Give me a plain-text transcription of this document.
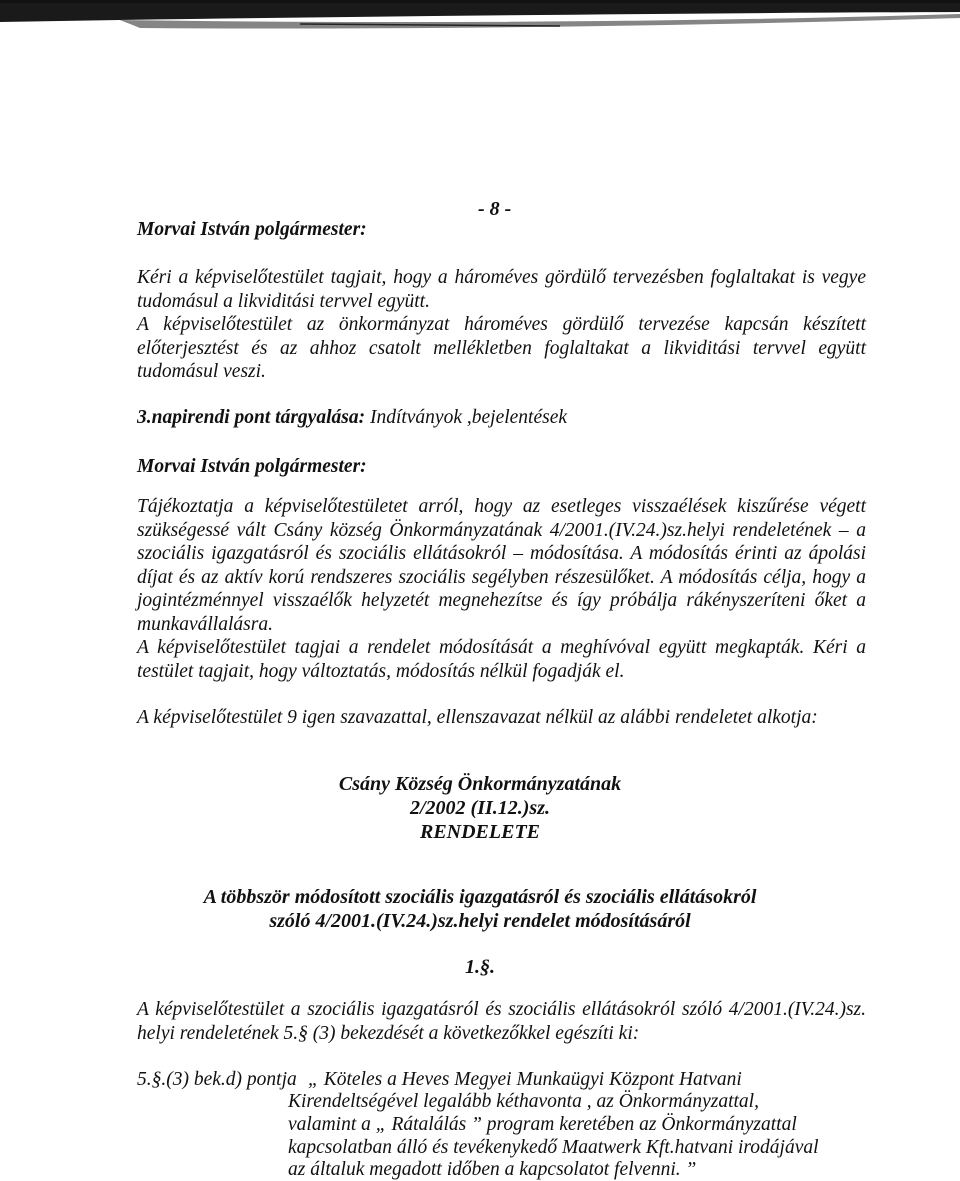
- 8 -
Morvai István polgármester:
Kéri a képviselőtestület tagjait, hogy a hároméves gördülő tervezésben foglaltakat is vegye tudomásul a likviditási tervvel együtt.
A képviselőtestület az önkormányzat hároméves gördülő tervezése kapcsán készített előterjesztést és az ahhoz csatolt mellékletben foglaltakat a likviditási tervvel együtt tudomásul veszi.
3.napirendi pont tárgyalása: Indítványok ,bejelentések
Morvai István polgármester:
Tájékoztatja a képviselőtestületet arról, hogy az esetleges visszaélések kiszűrése végett szükségessé vált Csány község Önkormányzatának 4/2001.(IV.24.)sz.helyi rendeletének – a szociális igazgatásról és szociális ellátásokról – módosítása. A módosítás érinti az ápolási díjat és az aktív korú rendszeres szociális segélyben részesülőket. A módosítás célja, hogy a jogintézménnyel visszaélők helyzetét megnehezítse és így próbálja rákényszeríteni őket a munkavállalásra.
A képviselőtestület tagjai a rendelet módosítását a meghívóval együtt megkapták. Kéri a testület tagjait, hogy változtatás, módosítás nélkül fogadják el.
A képviselőtestület 9 igen szavazattal, ellenszavazat nélkül az alábbi rendeletet alkotja:
Csány Község Önkormányzatának
2/2002 (II.12.)sz.
RENDELETE
A többször módosított szociális igazgatásról és szociális ellátásokról
szóló 4/2001.(IV.24.)sz.helyi rendelet módosításáról
1.§.
A képviselőtestület a szociális igazgatásról és szociális ellátásokról szóló 4/2001.(IV.24.)sz. helyi rendeletének 5.§ (3) bekezdését a következőkkel egészíti ki:
5.§.(3) bek.d) pontja „ Köteles a Heves Megyei Munkaügyi Központ Hatvani
Kirendeltségével legalább kéthavonta , az Önkormányzattal,
valamint a „ Rátalálás ” program keretében az Önkormányzattal
kapcsolatban álló és tevékenykedő Maatwerk Kft.hatvani irodájával
az általuk megadott időben a kapcsolatot felvenni. ”
